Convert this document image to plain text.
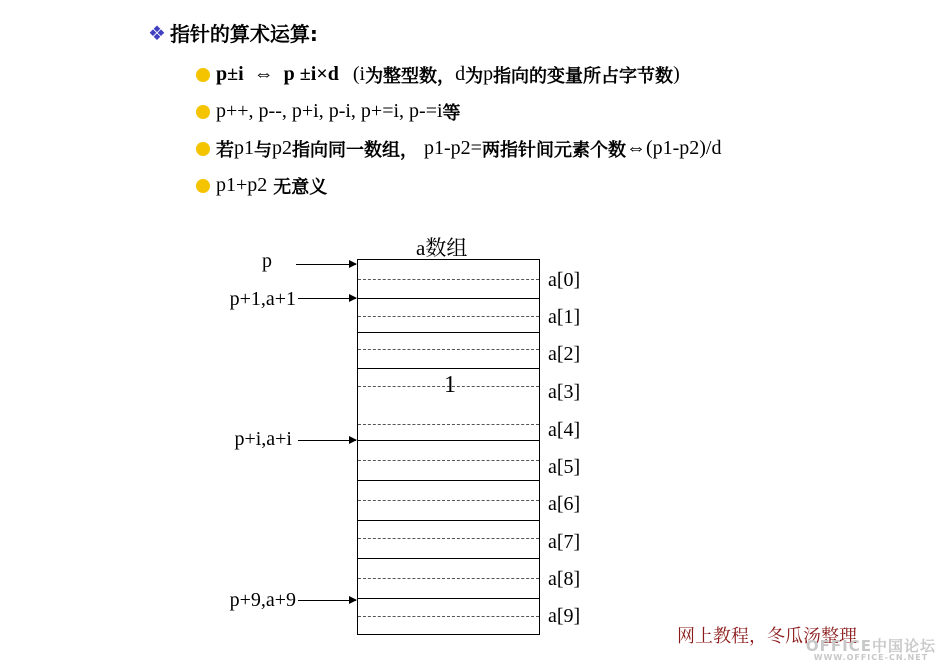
❖ 指针的算术运算:
p±i ⇔ p ±i×d (i 为整型数， d 为 p 指向的变量所占字节数 )
p++, p--, p+i, p-i, p+=i, p-=i 等
若 p1 与 p2 指向同一数组， p1-p2= 两指针间元素个数 ⇔(p1-p2)/d
p1+p2 无意义
a数组
1
a[0]
a[1]
a[2]
a[3]
a[4]
a[5]
a[6]
a[7]
a[8]
a[9]
p
p+1,a+1
p+i,a+i
p+9,a+9
网上教程，冬瓜汤整理
OFFICE中国论坛
WWW.OFFICE-CN.NET
